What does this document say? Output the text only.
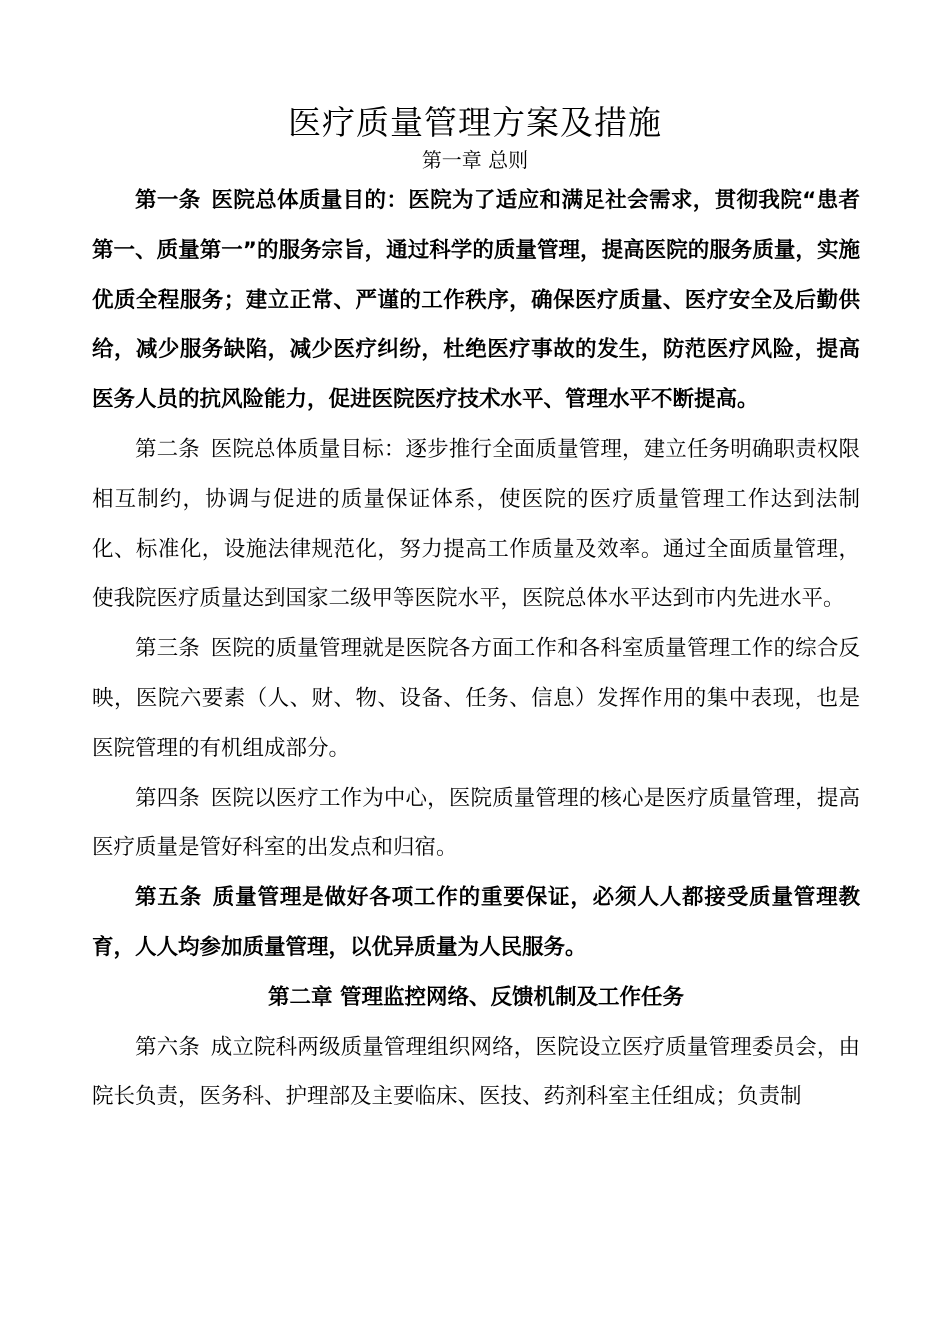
医疗质量管理方案及措施
第一章 总则

第一条 医院总体质量目的：医院为了适应和满足社会需求，贯彻我院“患者第一、质量第一”的服务宗旨，通过科学的质量管理，提高医院的服务质量，实施优质全程服务；建立正常、严谨的工作秩序，确保医疗质量、医疗安全及后勤供给，减少服务缺陷，减少医疗纠纷，杜绝医疗事故的发生，防范医疗风险，提高医务人员的抗风险能力，促进医院医疗技术水平、管理水平不断提高。

第二条 医院总体质量目标：逐步推行全面质量管理，建立任务明确职责权限相互制约，协调与促进的质量保证体系，使医院的医疗质量管理工作达到法制化、标准化，设施法律规范化，努力提高工作质量及效率。通过全面质量管理，使我院医疗质量达到国家二级甲等医院水平，医院总体水平达到市内先进水平。

第三条 医院的质量管理就是医院各方面工作和各科室质量管理工作的综合反映，医院六要素（人、财、物、设备、任务、信息）发挥作用的集中表现，也是医院管理的有机组成部分。

第四条 医院以医疗工作为中心，医院质量管理的核心是医疗质量管理，提高医疗质量是管好科室的出发点和归宿。

第五条 质量管理是做好各项工作的重要保证，必须人人都接受质量管理教育，人人均参加质量管理，以优异质量为人民服务。

第二章 管理监控网络、反馈机制及工作任务

第六条 成立院科两级质量管理组织网络，医院设立医疗质量管理委员会，由院长负责，医务科、护理部及主要临床、医技、药剂科室主任组成；负责制
